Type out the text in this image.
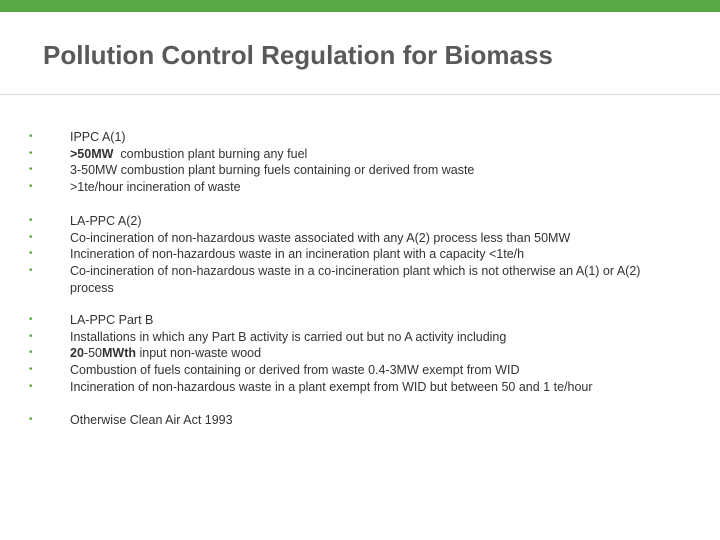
Pollution Control Regulation for Biomass
•	IPPC A(1)
•	>50MW  combustion plant burning any fuel
•	3-50MW combustion plant burning fuels containing or derived from waste
•	>1te/hour incineration of waste
•	LA-PPC A(2)
•	Co-incineration of non-hazardous waste associated with any A(2) process less than 50MW
•	Incineration of non-hazardous waste in an incineration plant with a capacity <1te/h
•	Co-incineration of non-hazardous waste in a co-incineration plant which is not otherwise an A(1) or A(2) process
•	LA-PPC Part B
•	Installations in which any Part B activity is carried out but no A activity including
•	20-50MWth input non-waste wood
•	Combustion of fuels containing or derived from waste 0.4-3MW exempt from WID
•	Incineration of non-hazardous waste in a plant exempt from WID but between 50 and 1 te/hour
•	Otherwise Clean Air Act 1993
